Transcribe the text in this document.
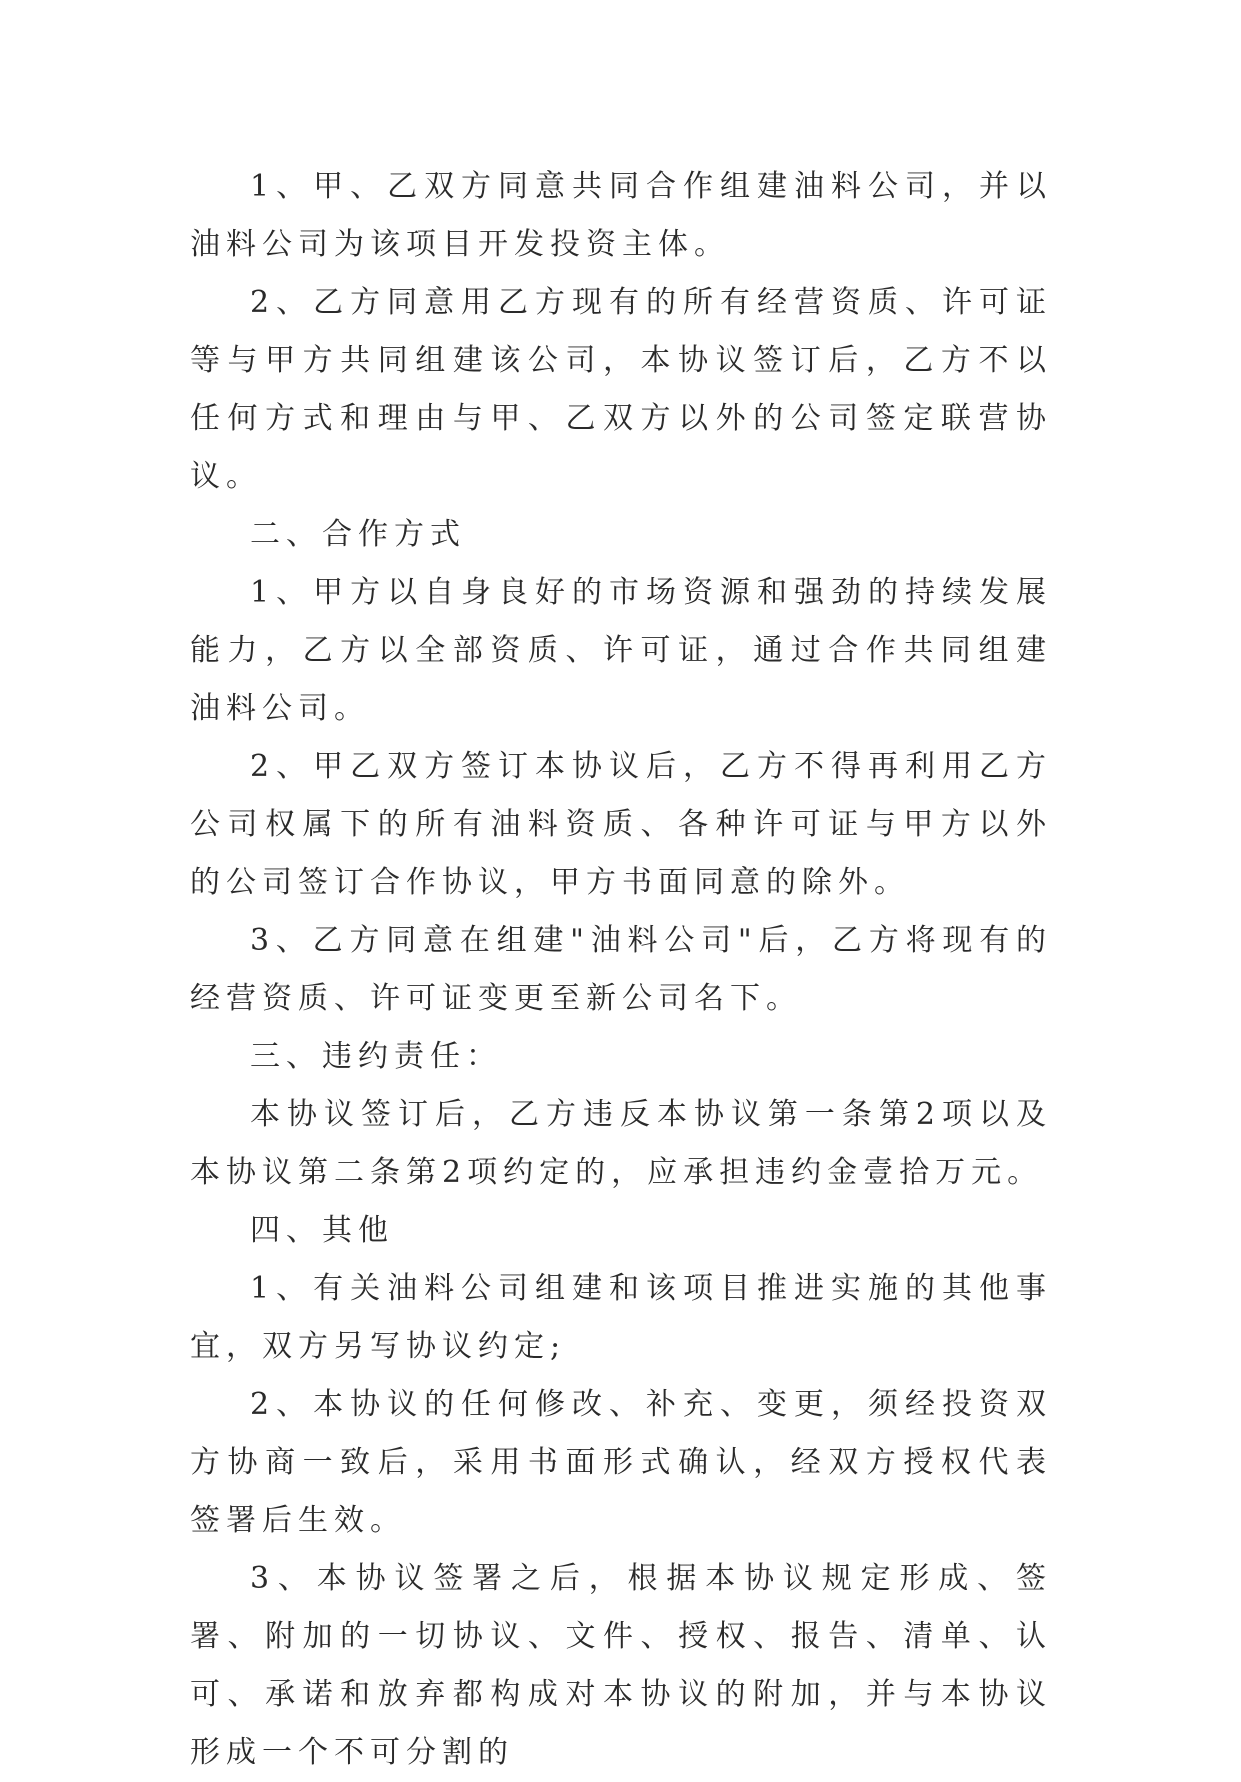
1、甲、乙双方同意共同合作组建油料公司，并以油料公司为该项目开发投资主体。

2、乙方同意用乙方现有的所有经营资质、许可证等与甲方共同组建该公司，本协议签订后，乙方不以任何方式和理由与甲、乙双方以外的公司签定联营协议。

二、合作方式

1、甲方以自身良好的市场资源和强劲的持续发展能力，乙方以全部资质、许可证，通过合作共同组建油料公司。

2、甲乙双方签订本协议后，乙方不得再利用乙方公司权属下的所有油料资质、各种许可证与甲方以外的公司签订合作协议，甲方书面同意的除外。

3、乙方同意在组建"油料公司"后，乙方将现有的经营资质、许可证变更至新公司名下。

三、违约责任：

本协议签订后，乙方违反本协议第一条第2项以及本协议第二条第2项约定的，应承担违约金壹拾万元。

四、其他

1、有关油料公司组建和该项目推进实施的其他事宜，双方另写协议约定;

2、本协议的任何修改、补充、变更，须经投资双方协商一致后，采用书面形式确认，经双方授权代表签署后生效。

3、本协议签署之后，根据本协议规定形成、签署、附加的一切协议、文件、授权、报告、清单、认可、承诺和放弃都构成对本协议的附加，并与本协议形成一个不可分割的
